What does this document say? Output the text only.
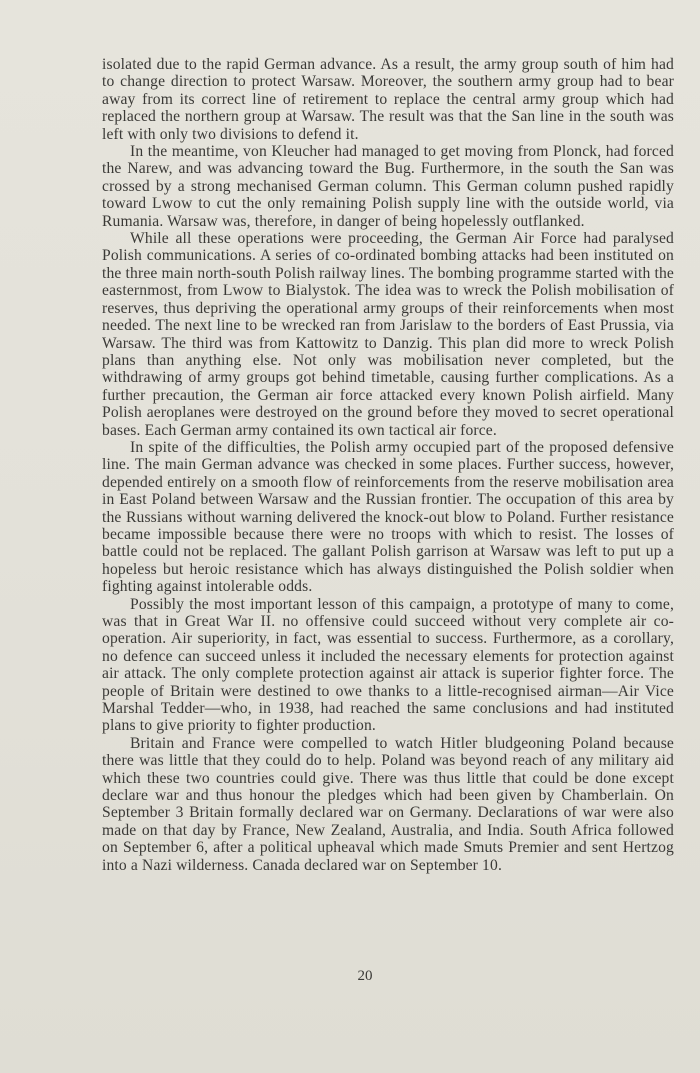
isolated due to the rapid German advance. As a result, the army group south of him had to change direction to protect Warsaw. Moreover, the southern army group had to bear away from its correct line of retirement to replace the central army group which had replaced the northern group at Warsaw. The result was that the San line in the south was left with only two divisions to defend it.

In the meantime, von Kleucher had managed to get moving from Plonck, had forced the Narew, and was advancing toward the Bug. Furthermore, in the south the San was crossed by a strong mechanised German column. This German column pushed rapidly toward Lwow to cut the only remaining Polish supply line with the outside world, via Rumania. Warsaw was, therefore, in danger of being hopelessly outflanked.

While all these operations were proceeding, the German Air Force had paralysed Polish communications. A series of co-ordinated bombing attacks had been instituted on the three main north-south Polish railway lines. The bombing programme started with the easternmost, from Lwow to Bialystok. The idea was to wreck the Polish mobilisation of reserves, thus depriving the operational army groups of their reinforcements when most needed. The next line to be wrecked ran from Jarislaw to the borders of East Prussia, via Warsaw. The third was from Kattowitz to Danzig. This plan did more to wreck Polish plans than anything else. Not only was mobilisation never completed, but the withdrawing of army groups got behind timetable, causing further complications. As a further precaution, the German air force attacked every known Polish airfield. Many Polish aeroplanes were destroyed on the ground before they moved to secret operational bases. Each German army contained its own tactical air force.

In spite of the difficulties, the Polish army occupied part of the proposed defensive line. The main German advance was checked in some places. Further success, however, depended entirely on a smooth flow of reinforcements from the reserve mobilisation area in East Poland between Warsaw and the Russian frontier. The occupation of this area by the Russians without warning delivered the knock-out blow to Poland. Further resistance became impossible because there were no troops with which to resist. The losses of battle could not be replaced. The gallant Polish garrison at Warsaw was left to put up a hopeless but heroic resistance which has always distinguished the Polish soldier when fighting against intolerable odds.

Possibly the most important lesson of this campaign, a prototype of many to come, was that in Great War II. no offensive could succeed without very complete air co-operation. Air superiority, in fact, was essential to success. Furthermore, as a corollary, no defence can succeed unless it included the necessary elements for protection against air attack. The only complete protection against air attack is superior fighter force. The people of Britain were destined to owe thanks to a little-recognised airman—Air Vice Marshal Tedder—who, in 1938, had reached the same conclusions and had instituted plans to give priority to fighter production.

Britain and France were compelled to watch Hitler bludgeoning Poland because there was little that they could do to help. Poland was beyond reach of any military aid which these two countries could give. There was thus little that could be done except declare war and thus honour the pledges which had been given by Chamberlain. On September 3 Britain formally declared war on Germany. Declarations of war were also made on that day by France, New Zealand, Australia, and India. South Africa followed on September 6, after a political upheaval which made Smuts Premier and sent Hertzog into a Nazi wilderness. Canada declared war on September 10.

20
